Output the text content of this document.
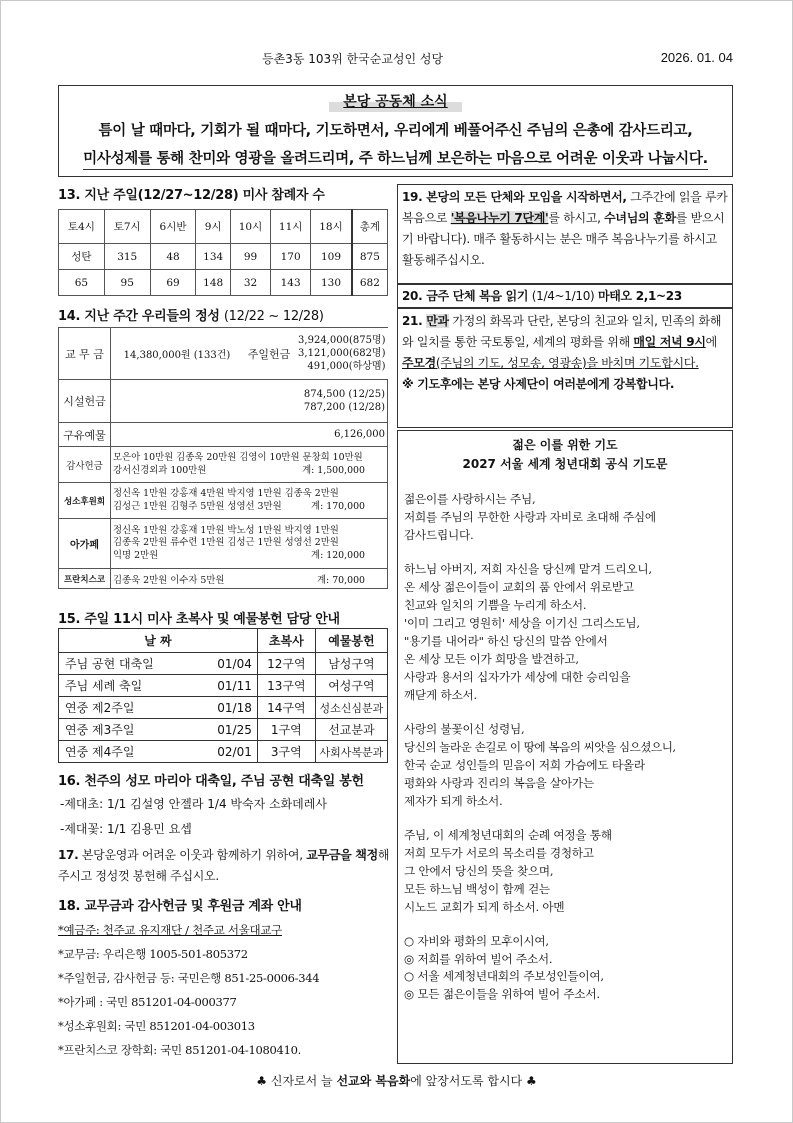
등촌3동 103위 한국순교성인 성당	2026. 01. 04
본당 공동체 소식
틈이 날 때마다, 기회가 될 때마다, 기도하면서, 우리에게 베풀어주신 주님의 은총에 감사드리고,
미사성제를 통해 찬미와 영광을 올려드리며, 주 하느님께 보은하는 마음으로 어려운 이웃과 나눕시다.
13. 지난 주일(12/27~12/28) 미사 참례자 수
토4시	토7시	6시반	9시	10시	11시	18시	총계
성탄	315	48	134	99	170	109	875
65	95	69	148	32	143	130	682
14. 지난 주간 우리들의 정성 (12/22 ~ 12/28)
교 무 금	14,380,000원 (133건) 주일헌금
3,924,000(875명)
3,121,000(682명)
491,000(하상멤)

시설헌금	874,500 (12/25)
787,200 (12/28)

구유예물	6,126,000
감사헌금	모은아 10만원 김종욱 20만원 김영이 10만원 문창희 10만원
강서신경외과 100만원 계: 1,500,000

성소후원회	정신옥 1만원 강홍재 4만원 박지영 1만원 김종욱 2만원
김성근 1만원 김형주 5만원 성영선 3만원 계: 170,000

아가페	정신옥 1만원 강홍재 1만원 박노성 1만원 박지영 1만원
김종욱 2만원 류수련 1만원 김성근 1만원 성영선 2만원
익명 2만원 계: 120,000

프란치스코	김종욱 2만원 이수자 5만원 계: 70,000
15. 주일 11시 미사 초복사 및 예물봉헌 담당 안내
날 짜		초복사	예물봉헌
주님 공현 대축일	01/04	12구역	남성구역
주님 세례 축일	01/11	13구역	여성구역
연중 제2주일	01/18	14구역	성소신심분과
연중 제3주일	01/25	1구역	선교분과
연중 제4주일	02/01	3구역	사회사복분과
16. 천주의 성모 마리아 대축일, 주님 공현 대축일 봉헌
-제대초: 1/1 김설영 안젤라 1/4 박숙자 소화데레사
-제대꽃: 1/1 김용민 요셉
17. 본당운영과 어려운 이웃과 함께하기 위하여, 교무금을 책정해 주시고 정성껏 봉헌해 주십시오.
18. 교무금과 감사헌금 및 후원금 계좌 안내
*예금주: 천주교 유지재단 / 천주교 서울대교구
*교무금: 우리은행 1005-501-805372
*주일헌금, 감사헌금 등: 국민은행 851-25-0006-344
*아가페 : 국민 851201-04-000377
*성소후원회: 국민 851201-04-003013
*프란치스코 장학회: 국민 851201-04-1080410.
19. 본당의 모든 단체와 모임을 시작하면서, 그주간에 읽을 루카 복음으로 '복음나누기 7단계'를 하시고, 수녀님의 훈화를 받으시기 바랍니다). 매주 활동하시는 분은 매주 복음나누기를 하시고 활동해주십시오.
20. 금주 단체 복음 읽기 (1/4~1/10) 마태오 2,1~23
21. 만과 가정의 화목과 단란, 본당의 친교와 일치, 민족의 화해와 일치를 통한 국토통일, 세계의 평화를 위해 매일 저녁 9시에 주모경(주님의 기도, 성모송, 영광송)을 바치며 기도합시다.
※ 기도후에는 본당 사제단이 여러분에게 강복합니다.
젊은 이를 위한 기도
2027 서울 세계 청년대회 공식 기도문

젊은이를 사랑하시는 주님,
저희를 주님의 무한한 사랑과 자비로 초대해 주심에
감사드립니다.

하느님 아버지, 저희 자신을 당신께 맡겨 드리오니,
온 세상 젊은이들이 교회의 품 안에서 위로받고
친교와 일치의 기쁨을 누리게 하소서.
'이미 그리고 영원히' 세상을 이기신 그리스도님,
"용기를 내어라" 하신 당신의 말씀 안에서
온 세상 모든 이가 희망을 발견하고,
사랑과 용서의 십자가가 세상에 대한 승리임을
깨닫게 하소서.

사랑의 불꽃이신 성령님,
당신의 놀라운 손길로 이 땅에 복음의 씨앗을 심으셨으니,
한국 순교 성인들의 믿음이 저희 가슴에도 타올라
평화와 사랑과 진리의 복음을 살아가는
제자가 되게 하소서.

주님, 이 세계청년대회의 순례 여정을 통해
저희 모두가 서로의 목소리를 경청하고
그 안에서 당신의 뜻을 찾으며,
모든 하느님 백성이 함께 걷는
시노드 교회가 되게 하소서. 아멘

○ 자비와 평화의 모후이시여,
◎ 저희를 위하여 빌어 주소서.
○ 서울 세계청년대회의 주보성인들이여,
◎ 모든 젊은이들을 위하여 빌어 주소서.

♣ 신자로서 늘 선교와 복음화에 앞장서도록 합시다 ♣
